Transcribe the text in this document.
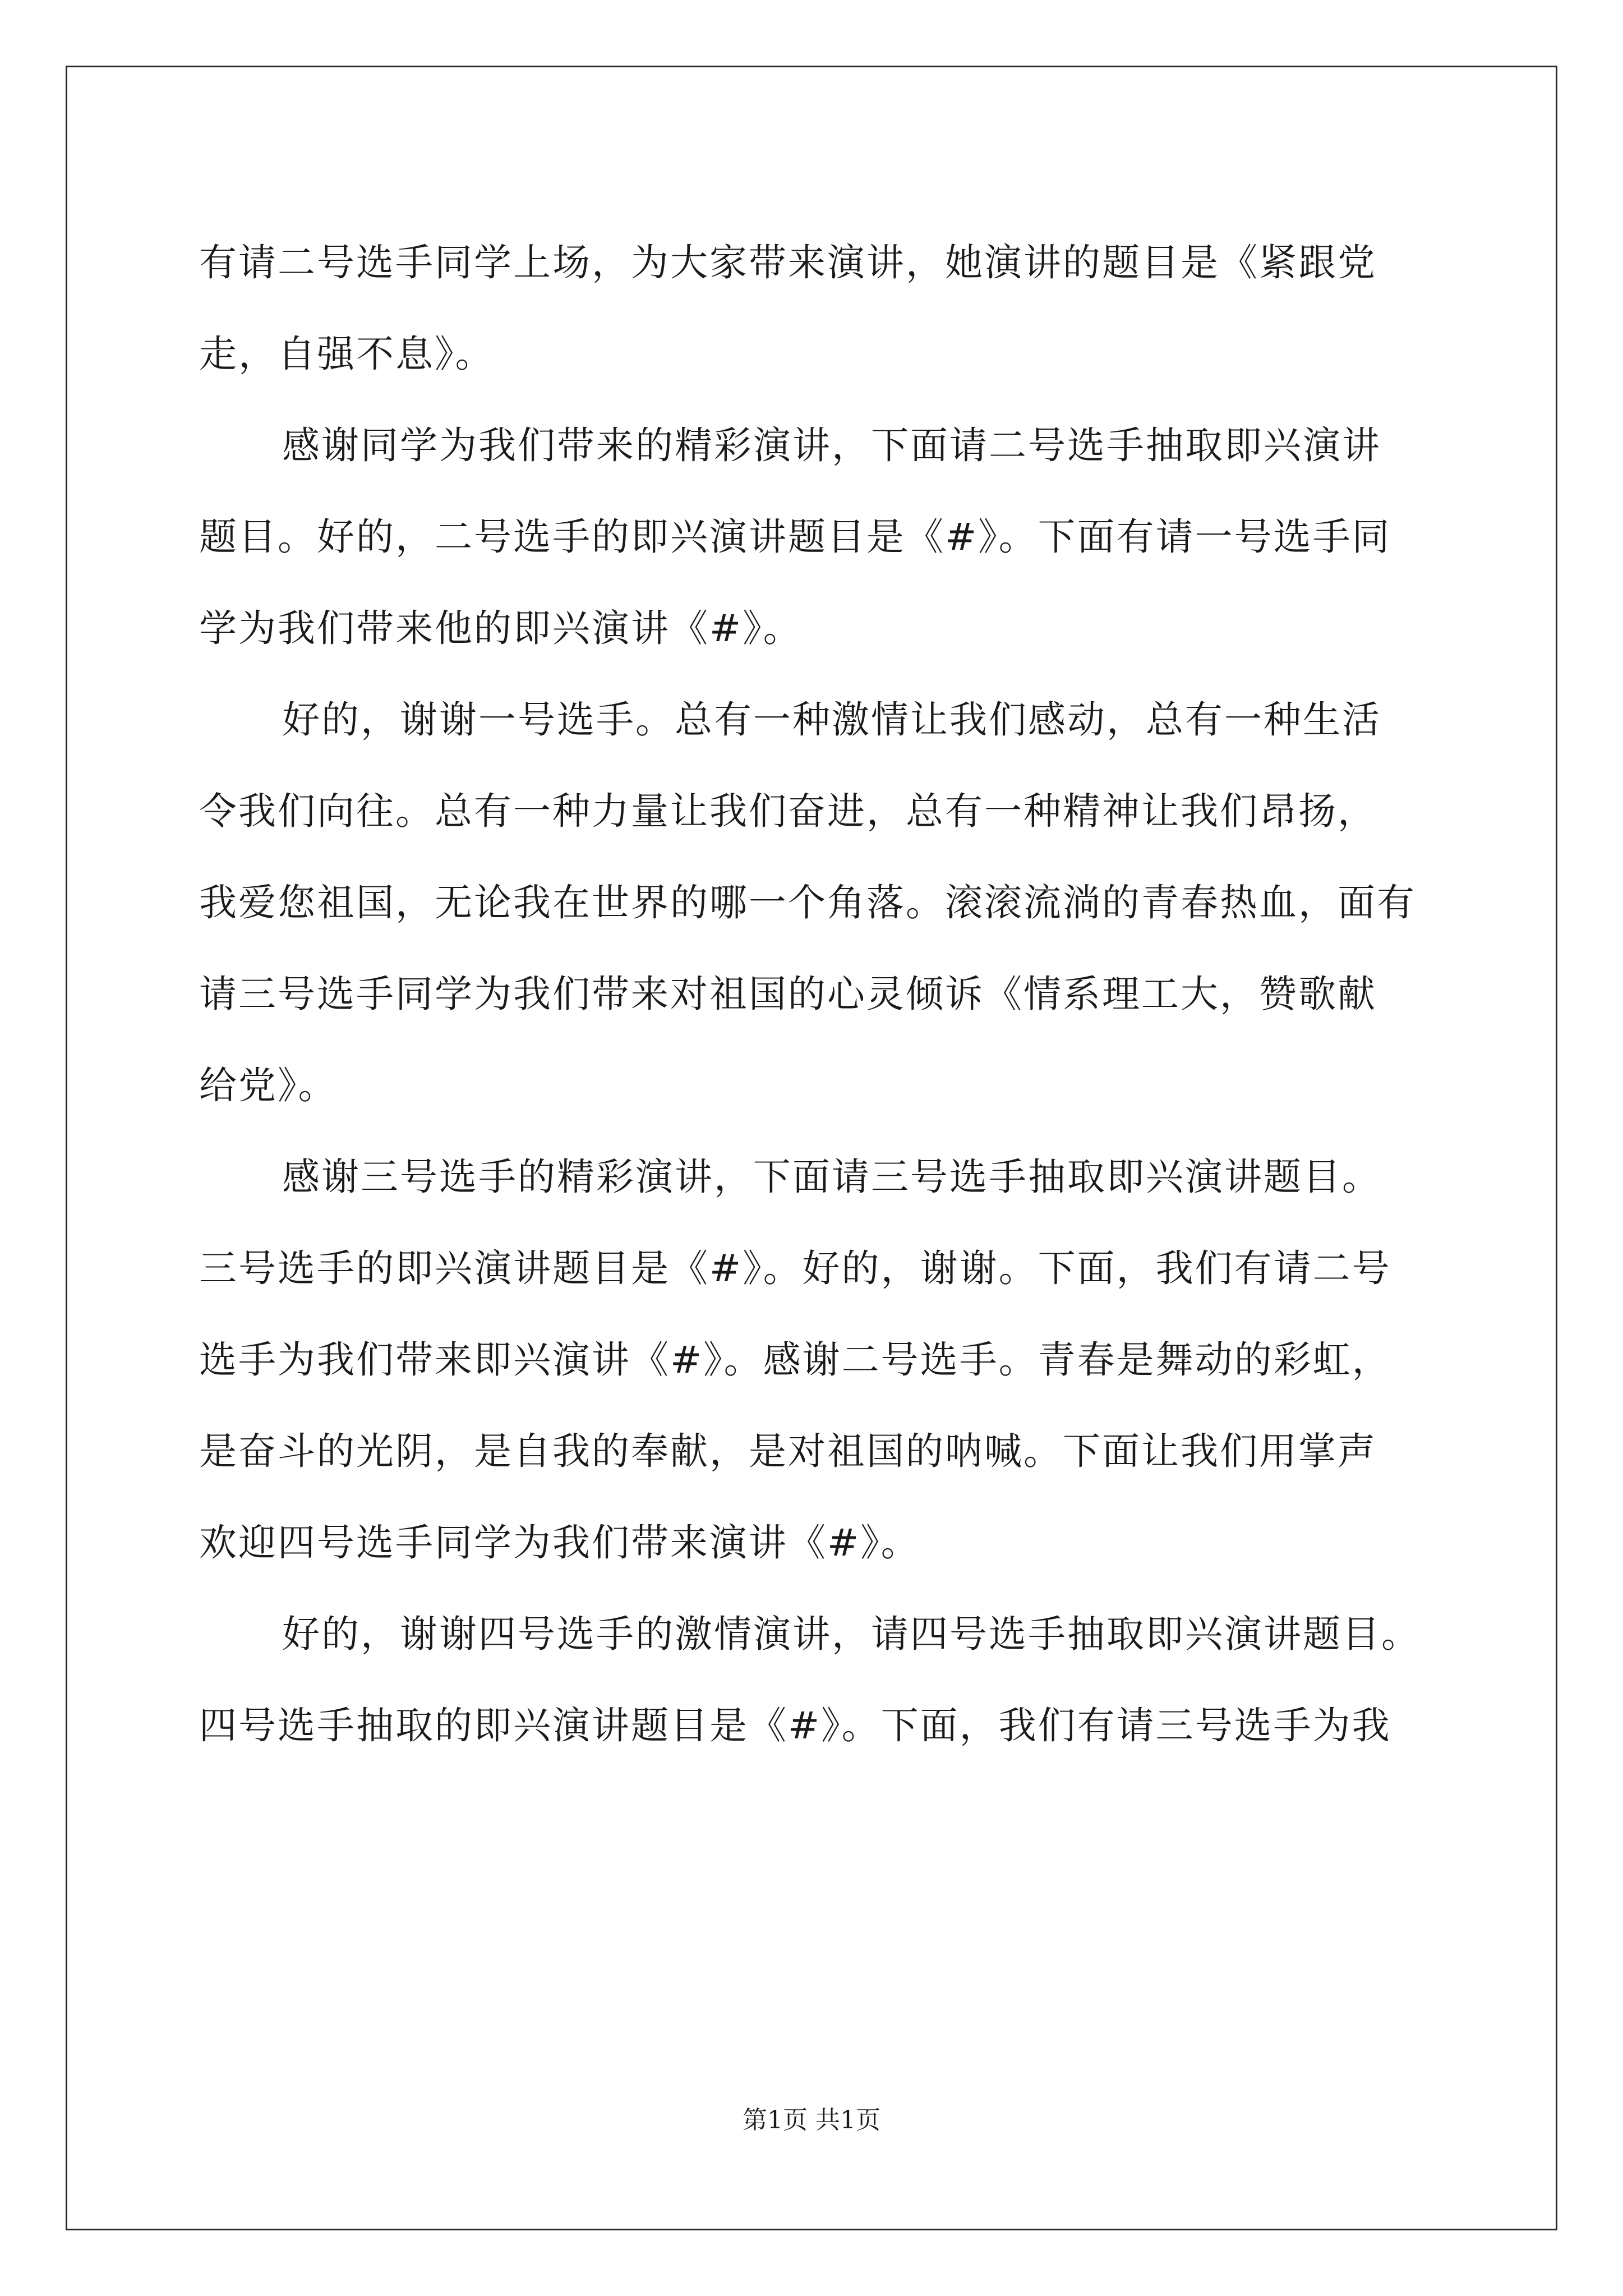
有请二号选手同学上场，为大家带来演讲，她演讲的题目是《紧跟党
走，自强不息》。
感谢同学为我们带来的精彩演讲，下面请二号选手抽取即兴演讲
题目。好的，二号选手的即兴演讲题目是《#》。下面有请一号选手同
学为我们带来他的即兴演讲《#》。
好的，谢谢一号选手。总有一种激情让我们感动，总有一种生活
令我们向往。总有一种力量让我们奋进，总有一种精神让我们昂扬，
我爱您祖国，无论我在世界的哪一个角落。滚滚流淌的青春热血，面有
请三号选手同学为我们带来对祖国的心灵倾诉《情系理工大，赞歌献
给党》。
感谢三号选手的精彩演讲，下面请三号选手抽取即兴演讲题目。
三号选手的即兴演讲题目是《#》。好的，谢谢。下面，我们有请二号
选手为我们带来即兴演讲《#》。感谢二号选手。青春是舞动的彩虹，
是奋斗的光阴，是自我的奉献，是对祖国的呐喊。下面让我们用掌声
欢迎四号选手同学为我们带来演讲《#》。
好的，谢谢四号选手的激情演讲，请四号选手抽取即兴演讲题目。
四号选手抽取的即兴演讲题目是《#》。下面，我们有请三号选手为我
第1页 共1页
